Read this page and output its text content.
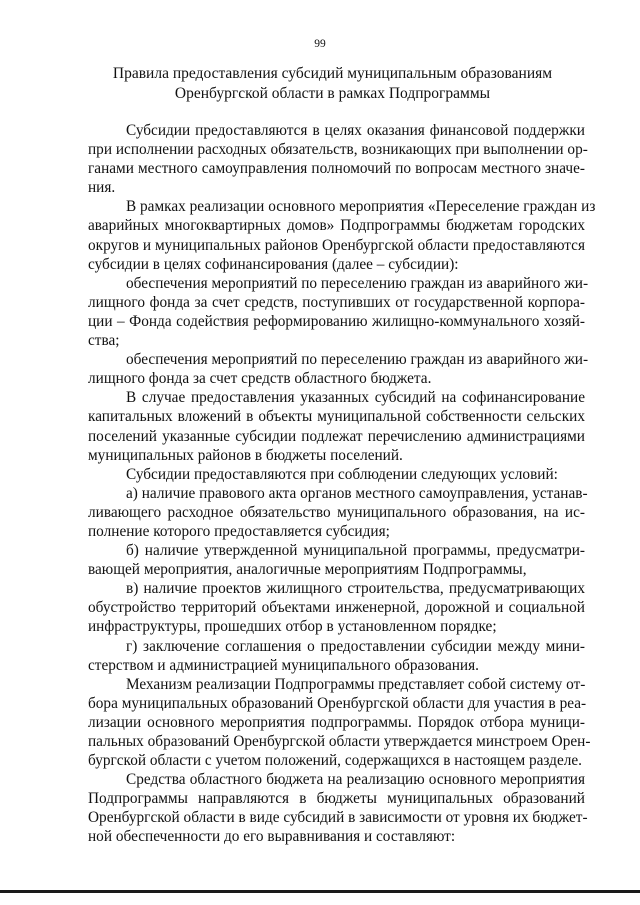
99
Правила предоставления субсидий муниципальным образованиям
Оренбургской области в рамках Подпрограммы
Субсидии предоставляются в целях оказания финансовой поддержки
при исполнении расходных обязательств, возникающих при выполнении ор-
ганами местного самоуправления полномочий по вопросам местного значе-
ния.
В рамках реализации основного мероприятия «Переселение граждан из
аварийных многоквартирных домов» Подпрограммы бюджетам городских
округов и муниципальных районов Оренбургской области предоставляются
субсидии в целях софинансирования (далее – субсидии):
обеспечения мероприятий по переселению граждан из аварийного жи-
лищного фонда за счет средств, поступивших от государственной корпора-
ции – Фонда содействия реформированию жилищно-коммунального хозяй-
ства;
обеспечения мероприятий по переселению граждан из аварийного жи-
лищного фонда за счет средств областного бюджета.
В случае предоставления указанных субсидий на софинансирование
капитальных вложений в объекты муниципальной собственности сельских
поселений указанные субсидии подлежат перечислению администрациями
муниципальных районов в бюджеты поселений.
Субсидии предоставляются при соблюдении следующих условий:
а) наличие правового акта органов местного самоуправления, устанав-
ливающего расходное обязательство муниципального образования, на ис-
полнение которого предоставляется субсидия;
б) наличие утвержденной муниципальной программы, предусматри-
вающей мероприятия, аналогичные мероприятиям Подпрограммы,
в) наличие проектов жилищного строительства, предусматривающих
обустройство территорий объектами инженерной, дорожной и социальной
инфраструктуры, прошедших отбор в установленном порядке;
г) заключение соглашения о предоставлении субсидии между мини-
стерством и администрацией муниципального образования.
Механизм реализации Подпрограммы представляет собой систему от-
бора муниципальных образований Оренбургской области для участия в реа-
лизации основного мероприятия подпрограммы. Порядок отбора муници-
пальных образований Оренбургской области утверждается минстроем Орен-
бургской области с учетом положений, содержащихся в настоящем разделе.
Средства областного бюджета на реализацию основного мероприятия
Подпрограммы направляются в бюджеты муниципальных образований
Оренбургской области в виде субсидий в зависимости от уровня их бюджет-
ной обеспеченности до его выравнивания и составляют:
